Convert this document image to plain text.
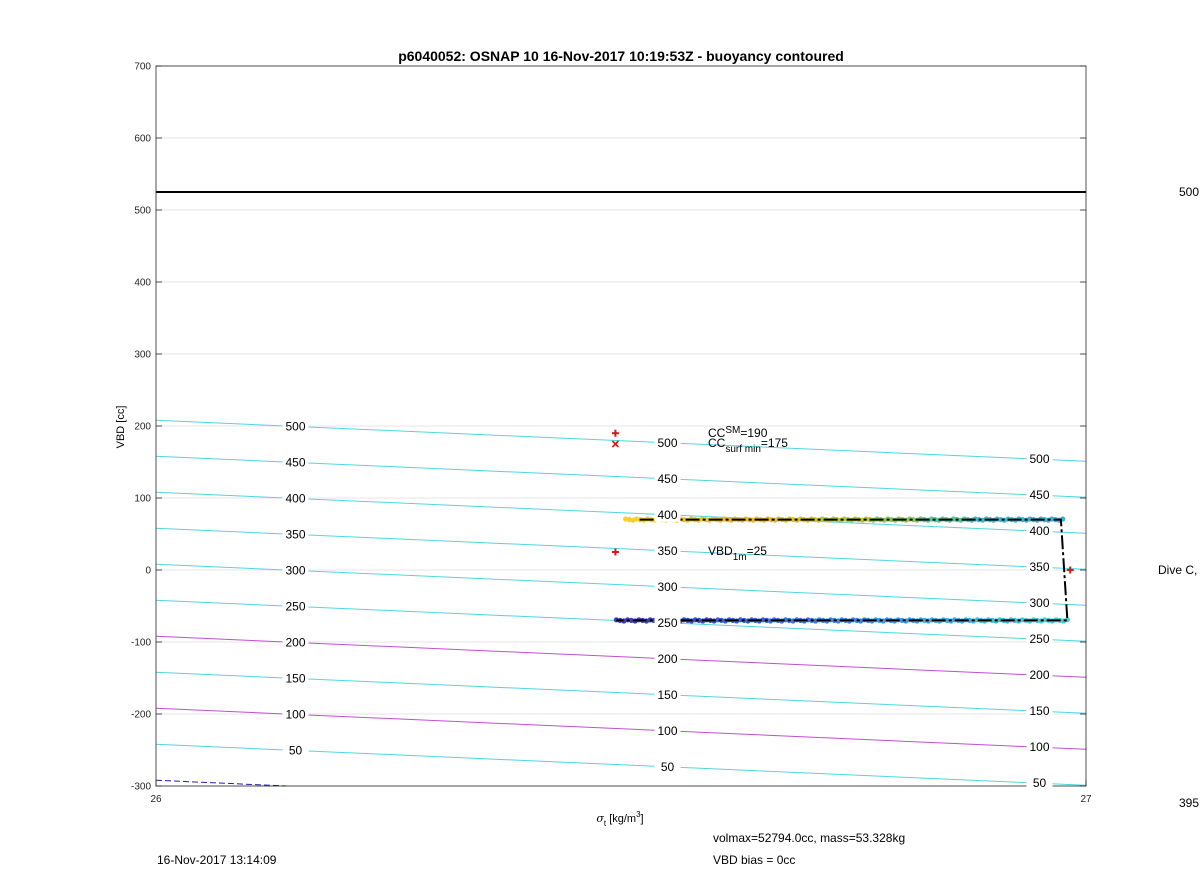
50
50
50
100
100
100
150
150
150
200
200
200
250
250
250
300
300
300
350
350
350
400
400
400
450
450
450
500
500
500
700
600
500
400
300
200
100
0
-100
-200
-300
26	27
p6040052: OSNAP 10 16-Nov-2017 10:19:53Z - buoyancy contoured
VBD [cc]
$\sigma_t$ $[kg/m^3]$
CC℠=190
$CC_{surf min}=175$
$VBD_{1m}=25$
16-Nov-2017 13:14:09
volmax=52794.0cc, mass=53.328kg
VBD bias = 0cc
500
Dive C,
395
